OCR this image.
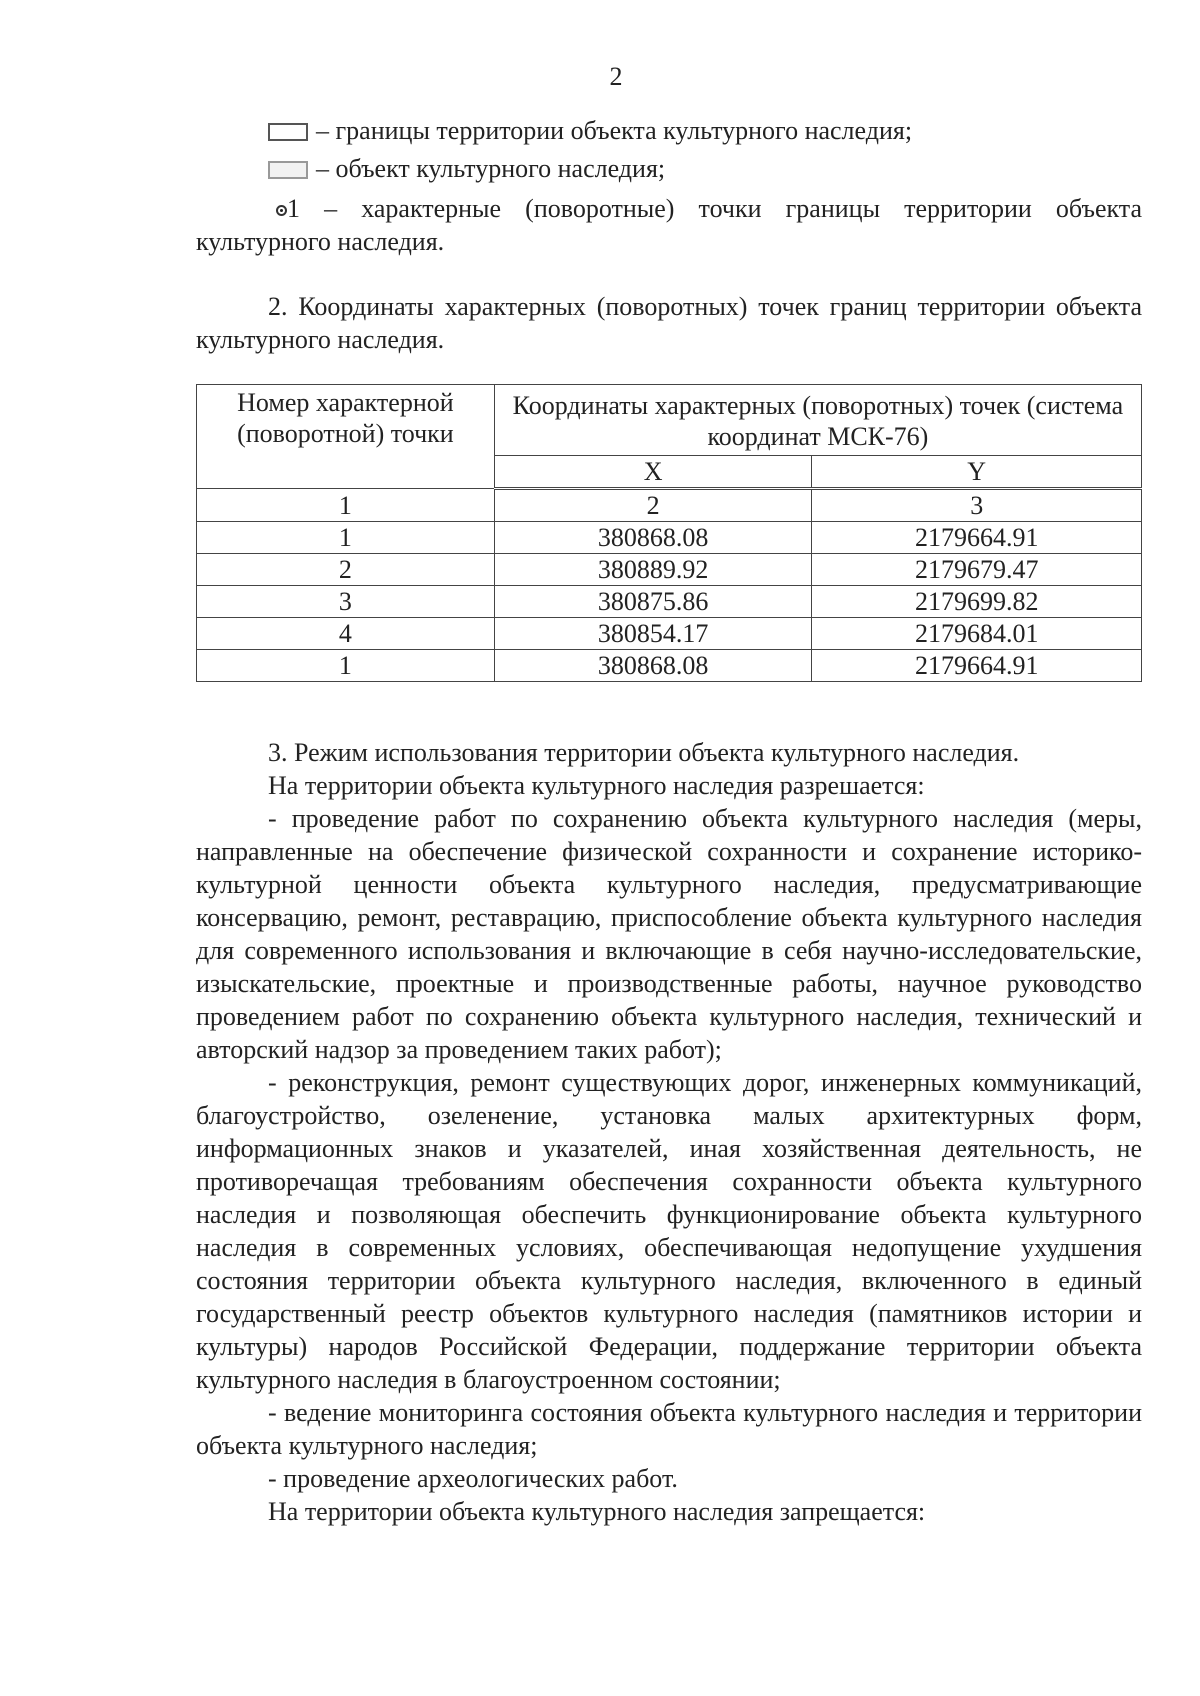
2
– границы территории объекта культурного наследия;
– объект культурного наследия;
1 – характерные (поворотные) точки границы территории объекта культурного наследия.
2. Координаты характерных (поворотных) точек границ территории объекта культурного наследия.
Номер характерной (поворотной) точки	Координаты характерных (поворотных) точек (система координат МСК-76)	
	X	Y
1	2	3
1	380868.08	2179664.91
2	380889.92	2179679.47
3	380875.86	2179699.82
4	380854.17	2179684.01
1	380868.08	2179664.91
3. Режим использования территории объекта культурного наследия.
На территории объекта культурного наследия разрешается:
- проведение работ по сохранению объекта культурного наследия (меры, направленные на обеспечение физической сохранности и сохранение историко-культурной ценности объекта культурного наследия, предусматривающие консервацию, ремонт, реставрацию, приспособление объекта культурного наследия для современного использования и включающие в себя научно-исследовательские, изыскательские, проектные и производственные работы, научное руководство проведением работ по сохранению объекта культурного наследия, технический и авторский надзор за проведением таких работ);
- реконструкция, ремонт существующих дорог, инженерных коммуникаций, благоустройство, озеленение, установка малых архитектурных форм, информационных знаков и указателей, иная хозяйственная деятельность, не противоречащая требованиям обеспечения сохранности объекта культурного наследия и позволяющая обеспечить функционирование объекта культурного наследия в современных условиях, обеспечивающая недопущение ухудшения состояния территории объекта культурного наследия, включенного в единый государственный реестр объектов культурного наследия (памятников истории и культуры) народов Российской Федерации, поддержание территории объекта культурного наследия в благоустроенном состоянии;
- ведение мониторинга состояния объекта культурного наследия и территории объекта культурного наследия;
- проведение археологических работ.
На территории объекта культурного наследия запрещается:
